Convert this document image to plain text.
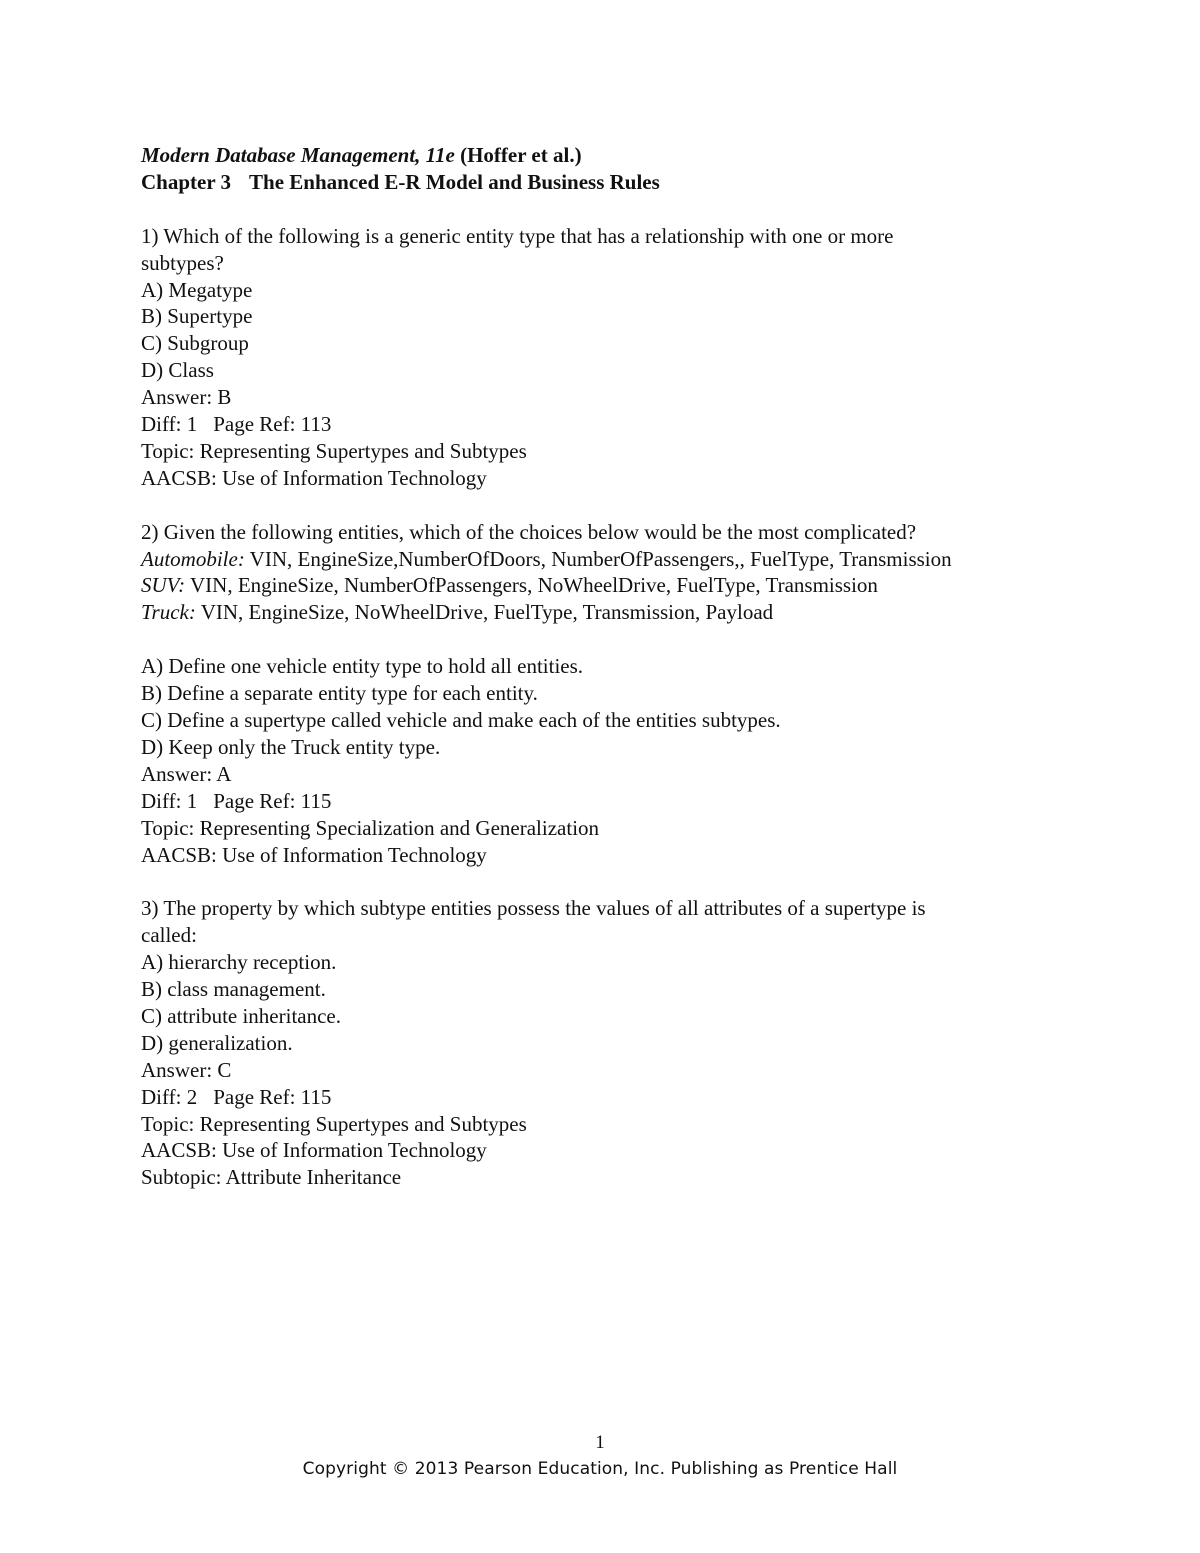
Modern Database Management, 11e (Hoffer et al.)
Chapter 3 The Enhanced E-R Model and Business Rules
1) Which of the following is a generic entity type that has a relationship with one or more
subtypes?
A) Megatype
B) Supertype
C) Subgroup
D) Class
Answer: B
Diff: 1 Page Ref: 113
Topic: Representing Supertypes and Subtypes
AACSB: Use of Information Technology
2) Given the following entities, which of the choices below would be the most complicated?
Automobile: VIN, EngineSize,NumberOfDoors, NumberOfPassengers,, FuelType, Transmission
SUV: VIN, EngineSize, NumberOfPassengers, NoWheelDrive, FuelType, Transmission
Truck: VIN, EngineSize, NoWheelDrive, FuelType, Transmission, Payload
A) Define one vehicle entity type to hold all entities.
B) Define a separate entity type for each entity.
C) Define a supertype called vehicle and make each of the entities subtypes.
D) Keep only the Truck entity type.
Answer: A
Diff: 1 Page Ref: 115
Topic: Representing Specialization and Generalization
AACSB: Use of Information Technology
3) The property by which subtype entities possess the values of all attributes of a supertype is
called:
A) hierarchy reception.
B) class management.
C) attribute inheritance.
D) generalization.
Answer: C
Diff: 2 Page Ref: 115
Topic: Representing Supertypes and Subtypes
AACSB: Use of Information Technology
Subtopic: Attribute Inheritance
1
Copyright © 2013 Pearson Education, Inc. Publishing as Prentice Hall
